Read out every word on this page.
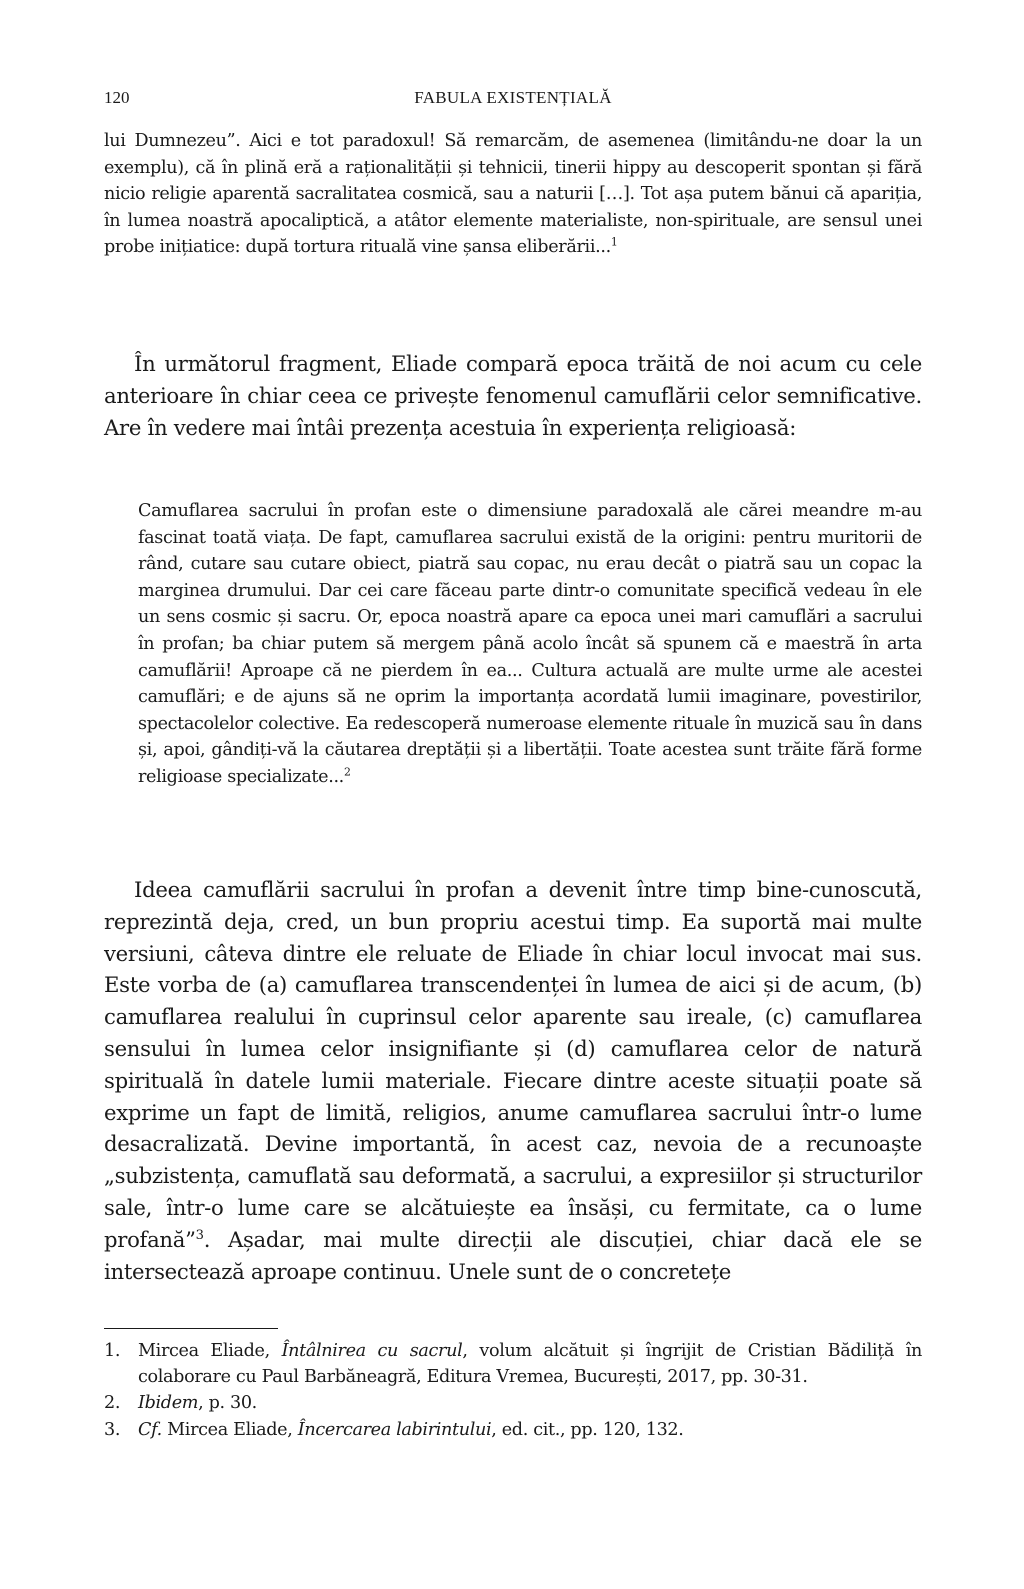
120	FABULA EXISTENȚIALĂ

lui Dumnezeu”. Aici e tot paradoxul! Să remarcăm, de asemenea (limitându-ne doar la un exemplu), că în plină eră a raționalității și tehnicii, tinerii hippy au descoperit spontan și fără nicio religie aparentă sacralitatea cosmică, sau a naturii […]. Tot așa putem bănui că apariția, în lumea noastră apocaliptică, a atâtor elemente materialiste, non-spirituale, are sensul unei probe inițiatice: după tortura rituală vine șansa eliberării...$^1$

În următorul fragment, Eliade compară epoca trăită de noi acum cu cele anterioare în chiar ceea ce privește fenomenul camuflării celor semnificative. Are în vedere mai întâi prezența acestuia în experiența religioasă:

Camuflarea sacrului în profan este o dimensiune paradoxală ale cărei meandre m-au fascinat toată viața. De fapt, camuflarea sacrului există de la origini: pentru muritorii de rând, cutare sau cutare obiect, piatră sau copac, nu erau decât o piatră sau un copac la marginea drumului. Dar cei care făceau parte dintr-o comunitate specifică vedeau în ele un sens cosmic și sacru. Or, epoca noastră apare ca epoca unei mari camuflări a sacrului în profan; ba chiar putem să mergem până acolo încât să spunem că e maestră în arta camuflării! Aproape că ne pierdem în ea... Cultura actuală are multe urme ale acestei camuflări; e de ajuns să ne oprim la importanța acordată lumii imaginare, povestirilor, spectacolelor colective. Ea redescoperă numeroase elemente rituale în muzică sau în dans și, apoi, gândiți-vă la căutarea dreptății și a libertății. Toate acestea sunt trăite fără forme religioase specializate...$^2$

Ideea camuflării sacrului în profan a devenit între timp bine-cunoscută, reprezintă deja, cred, un bun propriu acestui timp. Ea suportă mai multe versiuni, câteva dintre ele reluate de Eliade în chiar locul invocat mai sus. Este vorba de (a) camuflarea transcendenței în lumea de aici și de acum, (b) camuflarea realului în cuprinsul celor aparente sau ireale, (c) camuflarea sensului în lumea celor insignifiante și (d) camuflarea celor de natură spirituală în datele lumii materiale. Fiecare dintre aceste situații poate să exprime un fapt de limită, religios, anume camuflarea sacrului într-o lume desacralizată. Devine importantă, în acest caz, nevoia de a recunoaște „subzistența, camuflată sau deformată, a sacrului, a expresiilor și structurilor sale, într-o lume care se alcătuiește ea însăși, cu fermitate, ca o lume profană”$^3$. Așadar, mai multe direcții ale discuției, chiar dacă ele se intersectează aproape continuu. Unele sunt de o concretețe

1.	Mircea Eliade, Întâlnirea cu sacrul, volum alcătuit și îngrijit de Cristian Bădiliță în colaborare cu Paul Barbăneagră, Editura Vremea, București, 2017, pp. 30-31.
2.	Ibidem, p. 30.
3.	Cf. Mircea Eliade, Încercarea labirintului, ed. cit., pp. 120, 132.
